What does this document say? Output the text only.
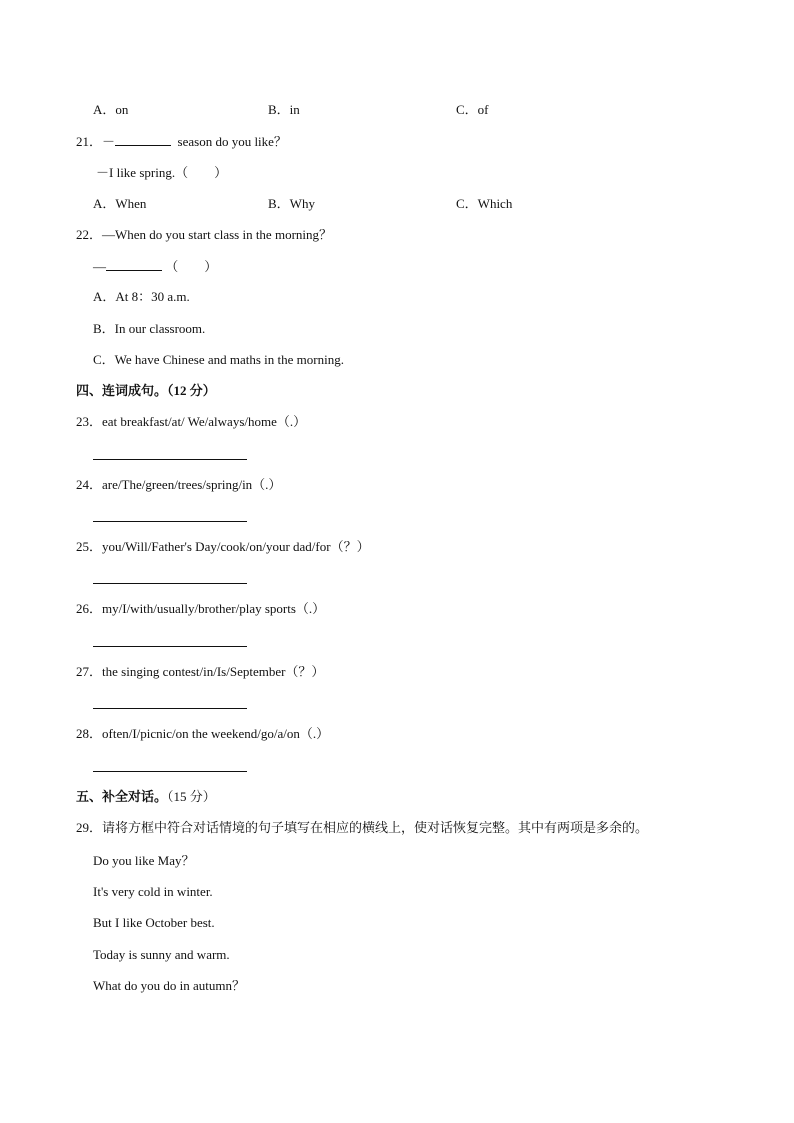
A．on	B．in	C．of
21．－	season do you like？
－I like spring.（　　）
A．When	B．Why	C．Which
22．—When do you start class in the morning？
—	（　　）
A．At 8：30 a.m.
B．In our classroom.
C．We have Chinese and maths in the morning.
四、连词成句。（12 分）
23．eat breakfast/at/ We/always/home（.）
24．are/The/green/trees/spring/in（.）
25．you/Will/Father's Day/cook/on/your dad/for（？）
26．my/I/with/usually/brother/play sports（.）
27．the singing contest/in/Is/September（？）
28．often/I/picnic/on the weekend/go/a/on（.）
五、补全对话。（15 分）
29．请将方框中符合对话情境的句子填写在相应的横线上，使对话恢复完整。其中有两项是多余的。
Do you like May？
It's very cold in winter.
But I like October best.
Today is sunny and warm.
What do you do in autumn？
